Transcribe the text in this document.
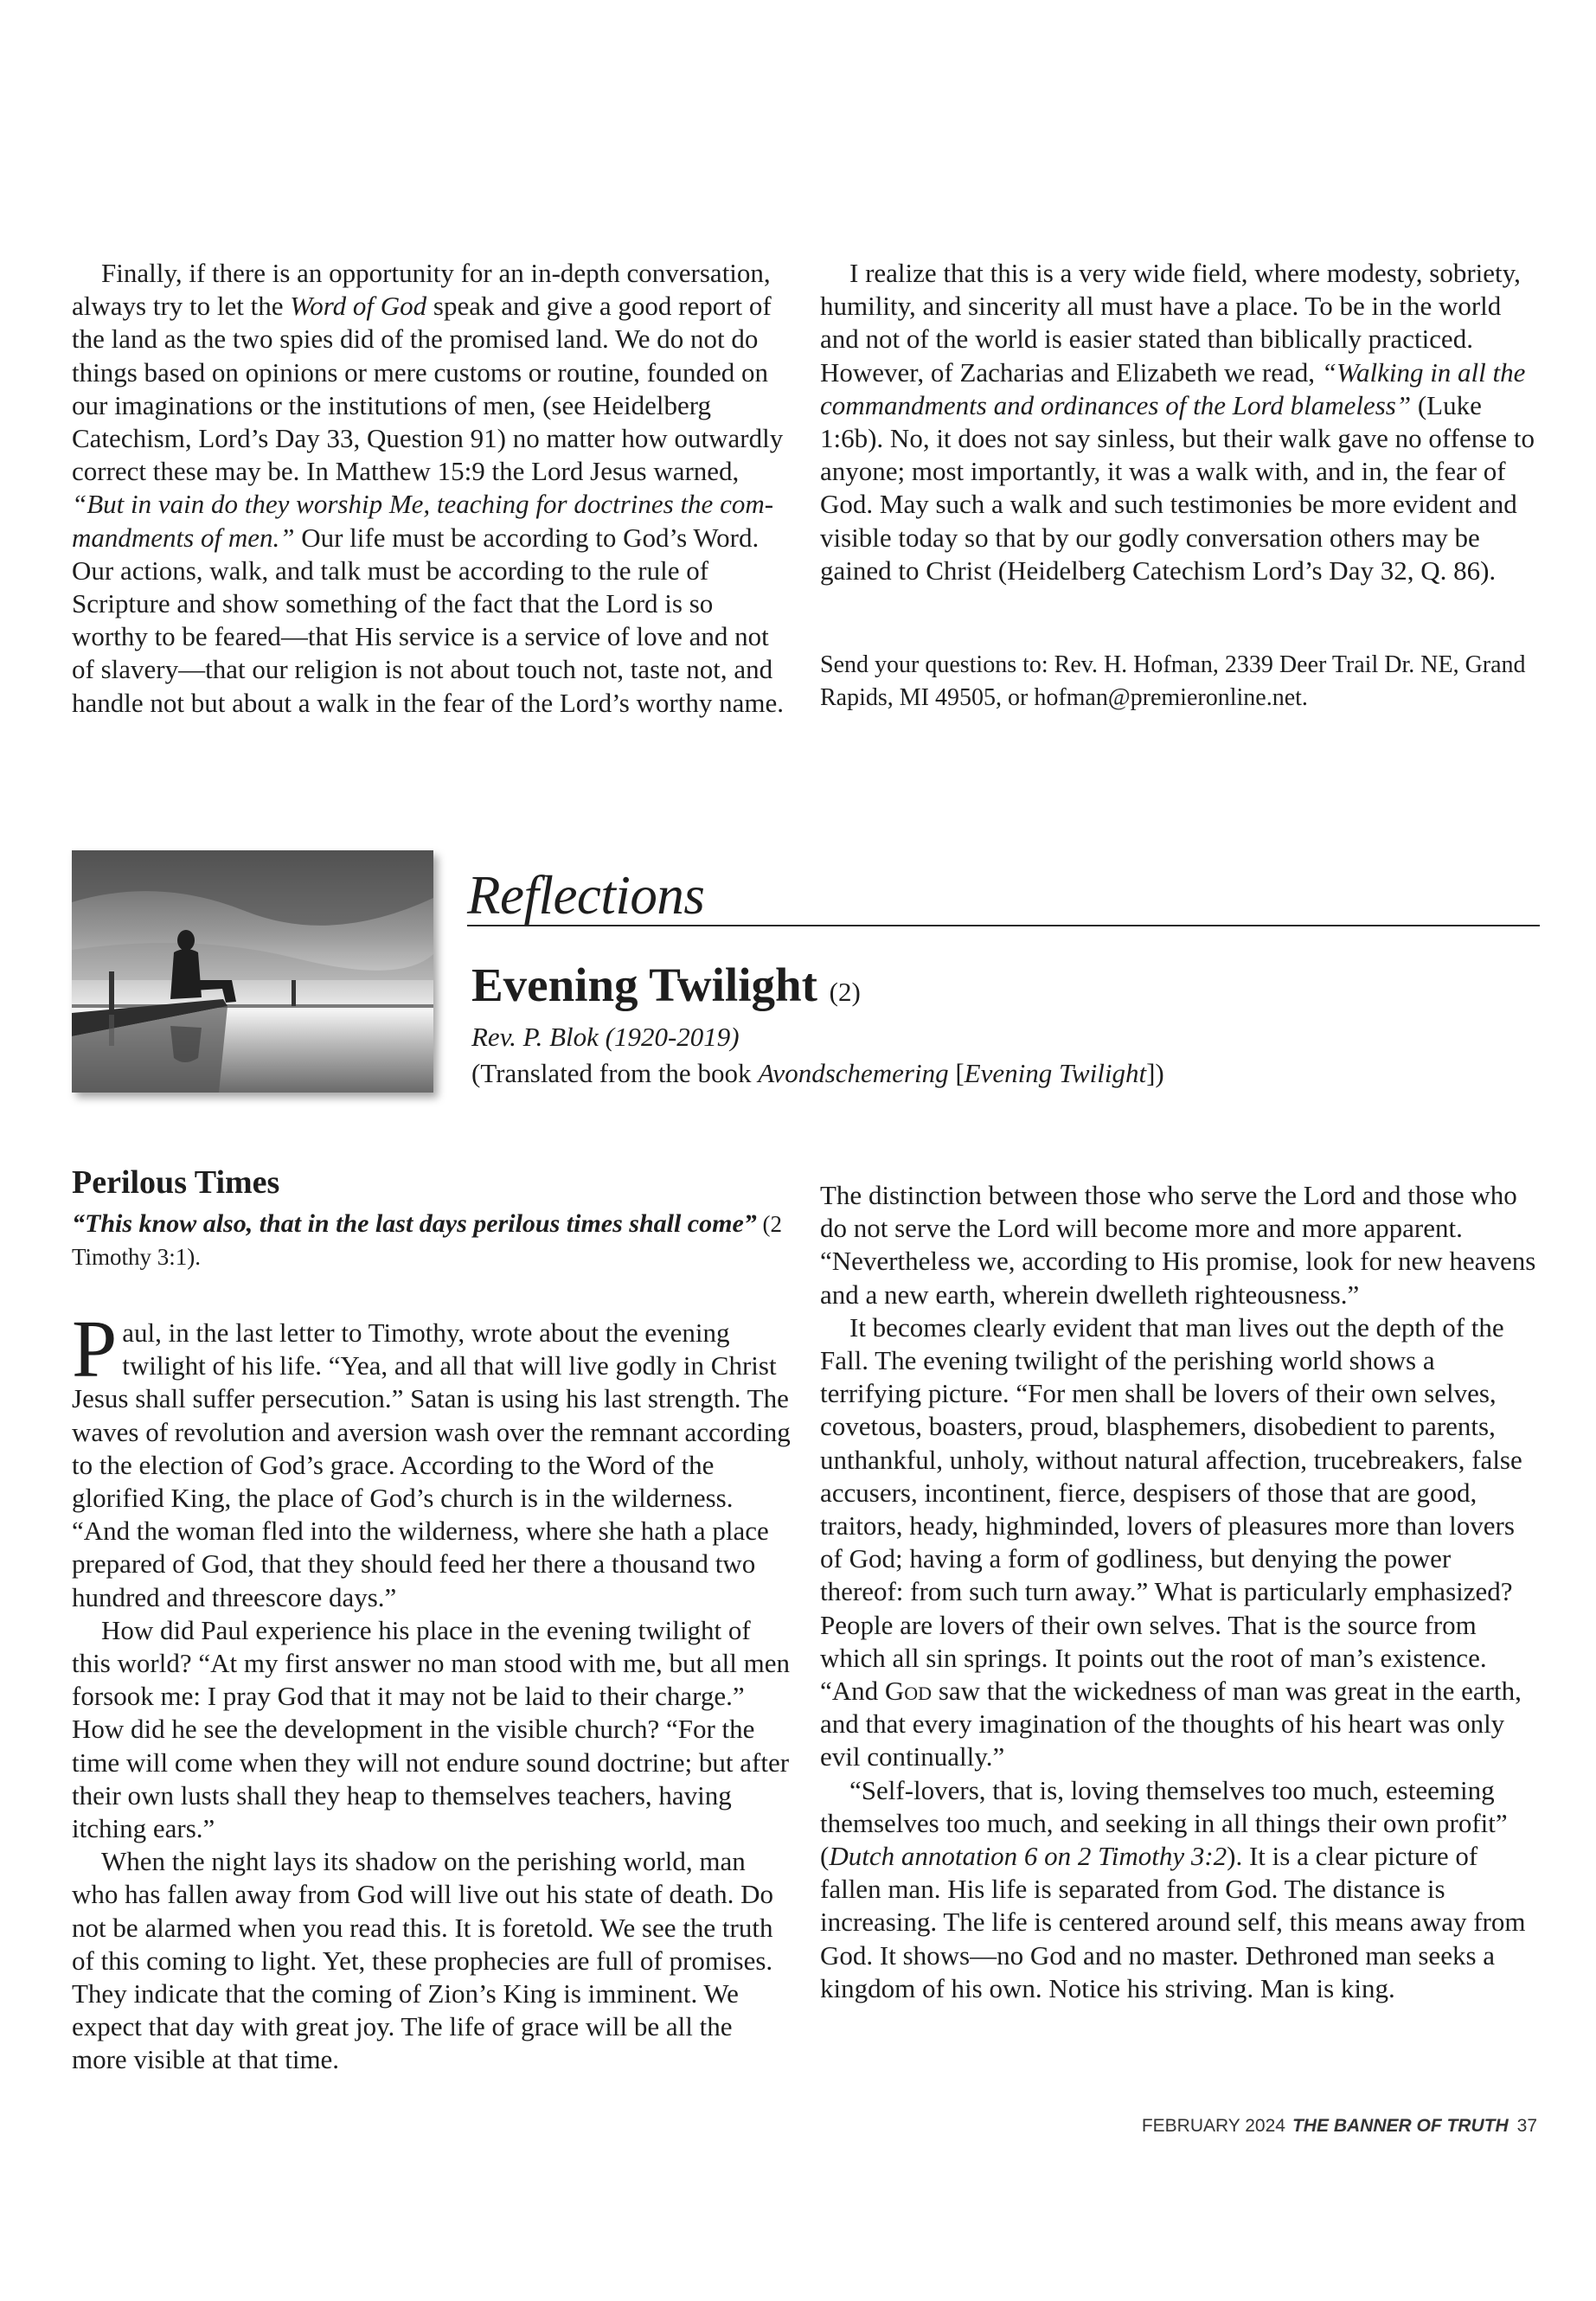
Finally, if there is an opportunity for an in-depth conversation, always try to let the Word of God speak and give a good report of the land as the two spies did of the promised land. We do not do things based on opinions or mere customs or routine, founded on our imaginations or the institutions of men, (see Heidelberg Catechism, Lord’s Day 33, Question 91) no matter how outwardly correct these may be. In Matthew 15:9 the Lord Jesus warned, “But in vain do they worship Me, teaching for doctrines the commandments of men.” Our life must be according to God’s Word. Our actions, walk, and talk must be according to the rule of Scripture and show something of the fact that the Lord is so worthy to be feared—that His service is a service of love and not of slavery—that our religion is not about touch not, taste not, and handle not but about a walk in the fear of the Lord’s worthy name.

I realize that this is a very wide field, where modesty, sobriety, humility, and sincerity all must have a place. To be in the world and not of the world is easier stated than biblically practiced. However, of Zacharias and Elizabeth we read, “Walking in all the commandments and ordinances of the Lord blameless” (Luke 1:6b). No, it does not say sinless, but their walk gave no offense to anyone; most importantly, it was a walk with, and in, the fear of God. May such a walk and such testimonies be more evident and visible today so that by our godly conversation others may be gained to Christ (Heidelberg Catechism Lord’s Day 32, Q. 86).

Send your questions to: Rev. H. Hofman, 2339 Deer Trail Dr. NE, Grand Rapids, MI 49505, or hofman@premieronline.net.

Reflections
Evening Twilight (2)
Rev. P. Blok (1920-2019)
(Translated from the book Avondschemering [Evening Twilight])
Perilous Times

“This know also, that in the last days perilous times shall come” (2 Timothy 3:1).

Paul, in the last letter to Timothy, wrote about the evening twilight of his life. “Yea, and all that will live godly in Christ Jesus shall suffer persecution.” Satan is using his last strength. The waves of revolution and aversion wash over the remnant according to the election of God’s grace. According to the Word of the glorified King, the place of God’s church is in the wilderness. “And the woman fled into the wilderness, where she hath a place prepared of God, that they should feed her there a thousand two hundred and threescore days.”

How did Paul experience his place in the evening twilight of this world? “At my first answer no man stood with me, but all men forsook me: I pray God that it may not be laid to their charge.” How did he see the development in the visible church? “For the time will come when they will not endure sound doctrine; but after their own lusts shall they heap to themselves teachers, having itching ears.”

When the night lays its shadow on the perishing world, man who has fallen away from God will live out his state of death. Do not be alarmed when you read this. It is foretold. We see the truth of this coming to light. Yet, these prophecies are full of promises. They indicate that the coming of Zion’s King is imminent. We expect that day with great joy. The life of grace will be all the more visible at that time.

The distinction between those who serve the Lord and those who do not serve the Lord will become more and more apparent. “Nevertheless we, according to His promise, look for new heavens and a new earth, wherein dwelleth righteousness.”

It becomes clearly evident that man lives out the depth of the Fall. The evening twilight of the perishing world shows a terrifying picture. “For men shall be lovers of their own selves, covetous, boasters, proud, blasphemers, disobedient to parents, unthankful, unholy, without natural affection, trucebreakers, false accusers, incontinent, fierce, despisers of those that are good, traitors, heady, highminded, lovers of pleasures more than lovers of God; having a form of godliness, but denying the power thereof: from such turn away.” What is particularly emphasized? People are lovers of their own selves. That is the source from which all sin springs. It points out the root of man’s existence. “And God saw that the wickedness of man was great in the earth, and that every imagination of the thoughts of his heart was only evil continually.”

“Self-lovers, that is, loving themselves too much, esteeming themselves too much, and seeking in all things their own profit” (Dutch annotation 6 on 2 Timothy 3:2). It is a clear picture of fallen man. His life is separated from God. The distance is increasing. The life is centered around self, this means away from God. It shows—no God and no master. Dethroned man seeks a kingdom of his own. Notice his striving. Man is king.

FEBRUARY 2024 THE BANNER OF TRUTH 37
